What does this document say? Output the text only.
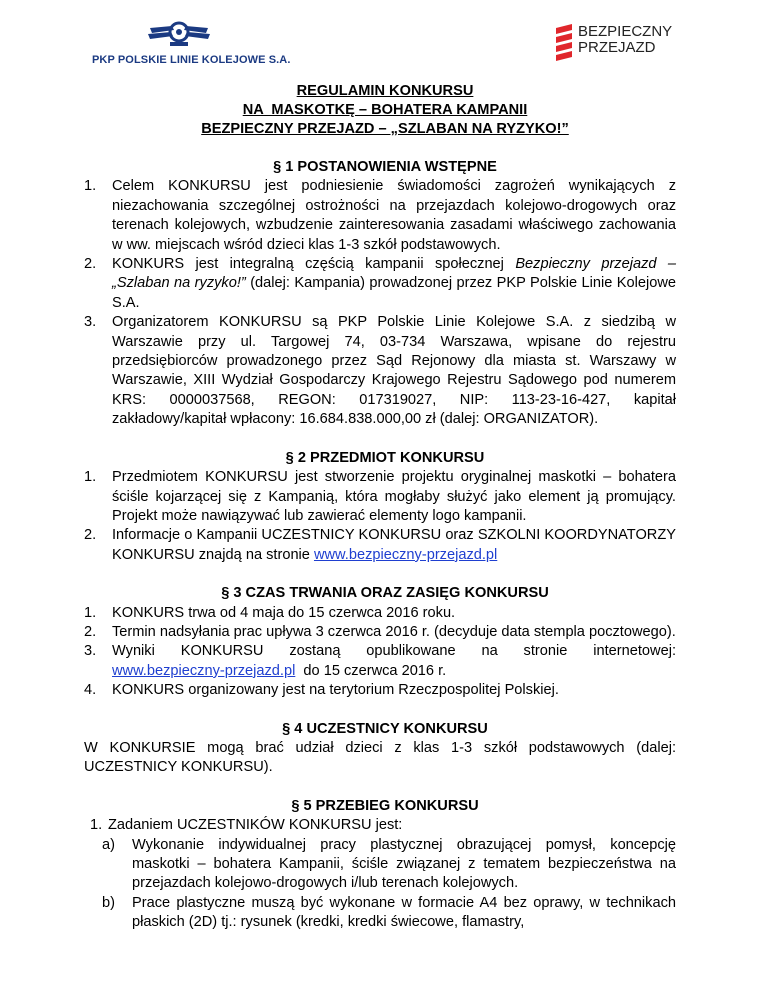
PKP POLSKIE LINIE KOLEJOWE S.A.
BEZPIECZNY
PRZEJAZD
REGULAMIN KONKURSU
NA  MASKOTKĘ – BOHATERA KAMPANII
BEZPIECZNY PRZEJAZD – „SZLABAN NA RYZYKO!”
§ 1 POSTANOWIENIA WSTĘPNE
1. Celem KONKURSU jest podniesienie świadomości zagrożeń wynikających z niezachowania szczególnej ostrożności na przejazdach kolejowo-drogowych oraz terenach kolejowych, wzbudzenie zainteresowania zasadami właściwego zachowania w ww. miejscach wśród dzieci klas 1-3 szkół podstawowych.
2. KONKURS jest integralną częścią kampanii społecznej Bezpieczny przejazd – „Szlaban na ryzyko!” (dalej: Kampania) prowadzonej przez PKP Polskie Linie Kolejowe S.A.
3. Organizatorem KONKURSU są PKP Polskie Linie Kolejowe S.A. z siedzibą w Warszawie przy ul. Targowej 74, 03-734 Warszawa, wpisane do rejestru przedsiębiorców prowadzonego przez Sąd Rejonowy dla miasta st. Warszawy w Warszawie, XIII Wydział Gospodarczy Krajowego Rejestru Sądowego pod numerem KRS: 0000037568, REGON: 017319027, NIP: 113-23-16-427, kapitał zakładowy/kapitał wpłacony: 16.684.838.000,00 zł (dalej: ORGANIZATOR).
§ 2 PRZEDMIOT KONKURSU
1. Przedmiotem KONKURSU jest stworzenie projektu oryginalnej maskotki – bohatera ściśle kojarzącej się z Kampanią, która mogłaby służyć jako element ją promujący. Projekt może nawiązywać lub zawierać elementy logo kampanii.
2. Informacje o Kampanii UCZESTNICY KONKURSU oraz SZKOLNI KOORDYNATORZY KONKURSU znajdą na stronie www.bezpieczny-przejazd.pl
§ 3 CZAS TRWANIA ORAZ ZASIĘG KONKURSU
1. KONKURS trwa od 4 maja do 15 czerwca 2016 roku.
2. Termin nadsyłania prac upływa 3 czerwca 2016 r. (decyduje data stempla pocztowego).
3. Wyniki KONKURSU zostaną opublikowane na stronie internetowej:
www.bezpieczny-przejazd.pl  do 15 czerwca 2016 r.
4. KONKURS organizowany jest na terytorium Rzeczpospolitej Polskiej.
§ 4 UCZESTNICY KONKURSU
W KONKURSIE mogą brać udział dzieci z klas 1-3 szkół podstawowych (dalej: UCZESTNICY KONKURSU).
§ 5 PRZEBIEG KONKURSU
1. Zadaniem UCZESTNIKÓW KONKURSU jest:
a) Wykonanie indywidualnej pracy plastycznej obrazującej pomysł, koncepcję maskotki – bohatera Kampanii, ściśle związanej z tematem bezpieczeństwa na przejazdach kolejowo-drogowych i/lub terenach kolejowych.
b) Prace plastyczne muszą być wykonane w formacie A4 bez oprawy, w technikach płaskich (2D) tj.: rysunek (kredki, kredki świecowe, flamastry,
